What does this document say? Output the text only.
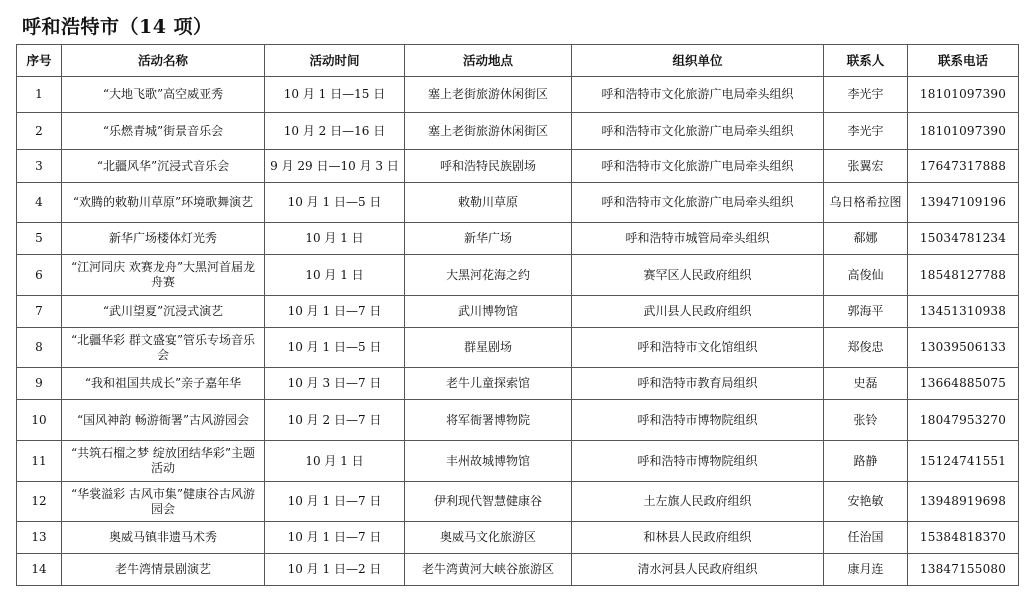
呼和浩特市（14 项）
序号	活动名称	活动时间	活动地点	组织单位	联系人	联系电话
1	“大地飞歌”高空威亚秀	10 月 1 日—15 日	塞上老街旅游休闲街区	呼和浩特市文化旅游广电局牵头组织	李光宇	18101097390
2	“乐燃青城”街景音乐会	10 月 2 日—16 日	塞上老街旅游休闲街区	呼和浩特市文化旅游广电局牵头组织	李光宇	18101097390
3	“北疆风华”沉浸式音乐会	9 月 29 日—10 月 3 日	呼和浩特民族剧场	呼和浩特市文化旅游广电局牵头组织	张翼宏	17647317888
4	“欢腾的敕勒川草原”环境歌舞演艺	10 月 1 日—5 日	敕勒川草原	呼和浩特市文化旅游广电局牵头组织	乌日格希拉图	13947109196
5	新华广场楼体灯光秀	10 月 1 日	新华广场	呼和浩特市城管局牵头组织	郗娜	15034781234
6	“江河同庆 欢赛龙舟”大黑河首届龙舟赛	10 月 1 日	大黑河花海之约	赛罕区人民政府组织	高俊仙	18548127788
7	“武川望夏”沉浸式演艺	10 月 1 日—7 日	武川博物馆	武川县人民政府组织	郭海平	13451310938
8	“北疆华彩 群文盛宴”管乐专场音乐会	10 月 1 日—5 日	群星剧场	呼和浩特市文化馆组织	郑俊忠	13039506133
9	“我和祖国共成长”亲子嘉年华	10 月 3 日—7 日	老牛儿童探索馆	呼和浩特市教育局组织	史磊	13664885075
10	“国风神韵 畅游衙署”古风游园会	10 月 2 日—7 日	将军衙署博物院	呼和浩特市博物院组织	张铃	18047953270
11	“共筑石榴之梦 绽放团结华彩”主题活动	10 月 1 日	丰州故城博物馆	呼和浩特市博物院组织	路静	15124741551
12	“华裳溢彩 古风市集”健康谷古风游园会	10 月 1 日—7 日	伊利现代智慧健康谷	土左旗人民政府组织	安艳敏	13948919698
13	奥威马镇非遗马术秀	10 月 1 日—7 日	奥威马文化旅游区	和林县人民政府组织	任治国	15384818370
14	老牛湾情景剧演艺	10 月 1 日—2 日	老牛湾黄河大峡谷旅游区	清水河县人民政府组织	康月连	13847155080
